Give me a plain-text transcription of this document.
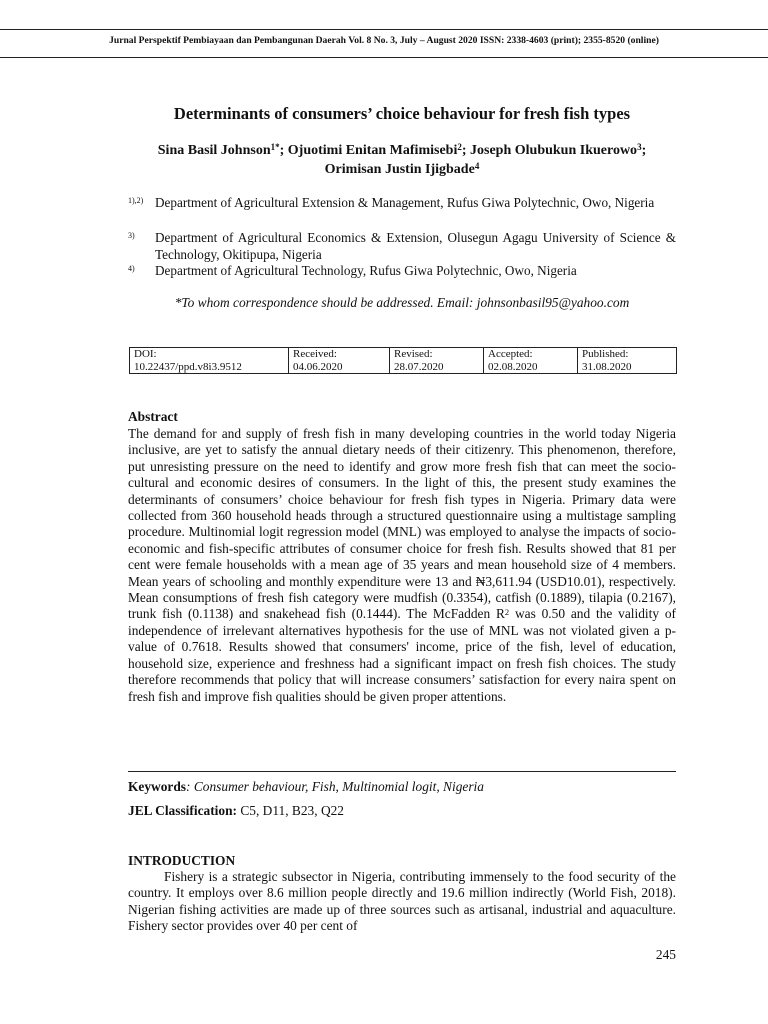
Jurnal Perspektif Pembiayaan dan Pembangunan Daerah Vol. 8 No. 3, July – August 2020 ISSN: 2338-4603 (print); 2355-8520 (online)
Determinants of consumers’ choice behaviour for fresh fish types
Sina Basil Johnson$^{1*}$; Ojuotimi Enitan Mafimisebi$^2$; Joseph Olubukun Ikuerowo$^3$; Orimisan Justin Ijigbade$^4$
1),2) Department of Agricultural Extension & Management, Rufus Giwa Polytechnic, Owo, Nigeria
3) Department of Agricultural Economics & Extension, Olusegun Agagu University of Science & Technology, Okitipupa, Nigeria
4) Department of Agricultural Technology, Rufus Giwa Polytechnic, Owo, Nigeria
*To whom correspondence should be addressed. Email: johnsonbasil95@yahoo.com
DOI:
10.22437/ppd.v8i3.9512

Received:
04.06.2020

Revised:
28.07.2020

Accepted:
02.08.2020

Published:
31.08.2020
Abstract
The demand for and supply of fresh fish in many developing countries in the world today Nigeria inclusive, are yet to satisfy the annual dietary needs of their citizenry. This phenomenon, therefore, put unresisting pressure on the need to identify and grow more fresh fish that can meet the socio-cultural and economic desires of consumers. In the light of this, the present study examines the determinants of consumers’ choice behaviour for fresh fish types in Nigeria. Primary data were collected from 360 household heads through a structured questionnaire using a multistage sampling procedure. Multinomial logit regression model (MNL) was employed to analyse the impacts of socio-economic and fish-specific attributes of consumer choice for fresh fish. Results showed that 81 per cent were female households with a mean age of 35 years and mean household size of 4 members. Mean years of schooling and monthly expenditure were 13 and ₦3,611.94 (USD10.01), respectively. Mean consumptions of fresh fish category were mudfish (0.3354), catfish (0.1889), tilapia (0.2167), trunk fish (0.1138) and snakehead fish (0.1444). The McFadden $R^2$ was 0.50 and the validity of independence of irrelevant alternatives hypothesis for the use of MNL was not violated given a p-value of 0.7618. Results showed that consumers' income, price of the fish, level of education, household size, experience and freshness had a significant impact on fresh fish choices. The study therefore recommends that policy that will increase consumers’ satisfaction for every naira spent on fresh fish and improve fish qualities should be given proper attentions.
Keywords: Consumer behaviour, Fish, Multinomial logit, Nigeria
JEL Classification: C5, D11, B23, Q22
INTRODUCTION
Fishery is a strategic subsector in Nigeria, contributing immensely to the food security of the country. It employs over 8.6 million people directly and 19.6 million indirectly (World Fish, 2018). Nigerian fishing activities are made up of three sources such as artisanal, industrial and aquaculture. Fishery sector provides over 40 per cent of
245
